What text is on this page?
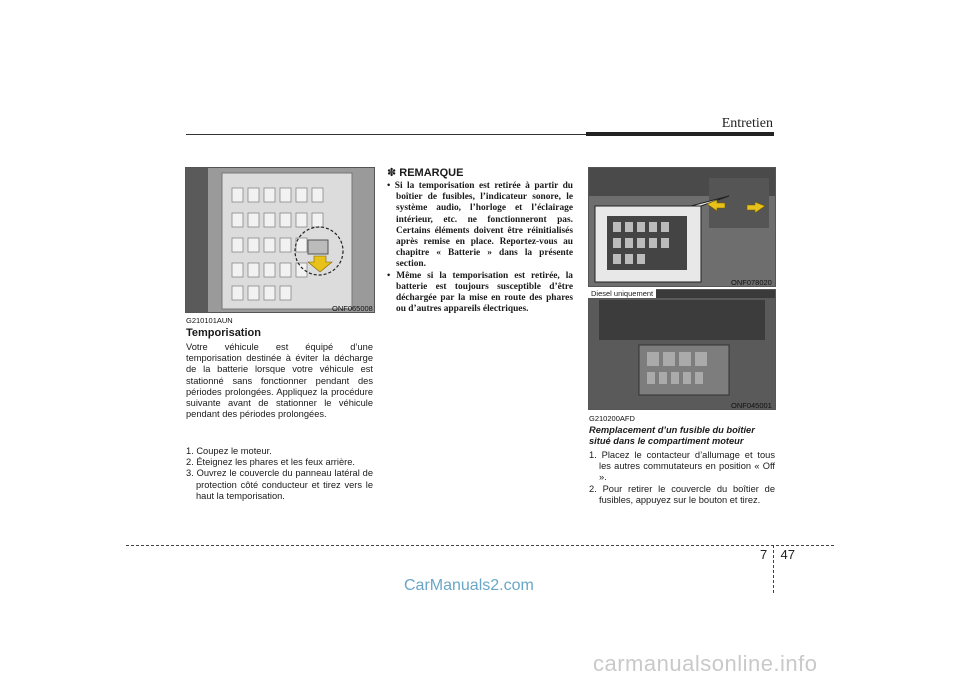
Entretien
ONF065008
G210101AUN
Temporisation
Votre véhicule est équipé d’une temporisation destinée à éviter la décharge de la batterie lorsque votre véhicule est stationné sans fonctionner pendant des périodes prolongées. Appliquez la procédure suivante avant de stationner le véhicule pendant des périodes prolongées.
1. Coupez le moteur.
2. Éteignez les phares et les feux arrière.
3. Ouvrez le couvercle du panneau latéral de protection côté conducteur et tirez vers le haut la temporisation.
✽ REMARQUE
• Si la temporisation est retirée à partir du boîtier de fusibles, l’indicateur sonore, le système audio, l’horloge et l’éclairage intérieur, etc. ne fonctionneront pas. Certains éléments doivent être réinitialisés après remise en place. Reportez-vous au chapitre « Batterie » dans la présente section.
• Même si la temporisation est retirée, la batterie est toujours susceptible d’être déchargée par la mise en route des phares ou d’autres appareils électriques.
ONF078020
Diesel uniquement
ONF045001
G210200AFD
Remplacement d’un fusible du boîtier situé dans le compartiment moteur
1. Placez le contacteur d’allumage et tous les autres commutateurs en position « Off ».
2. Pour retirer le couvercle du boîtier de fusibles, appuyez sur le bouton et tirez.
7 47
CarManuals2.com
carmanualsonline.info
